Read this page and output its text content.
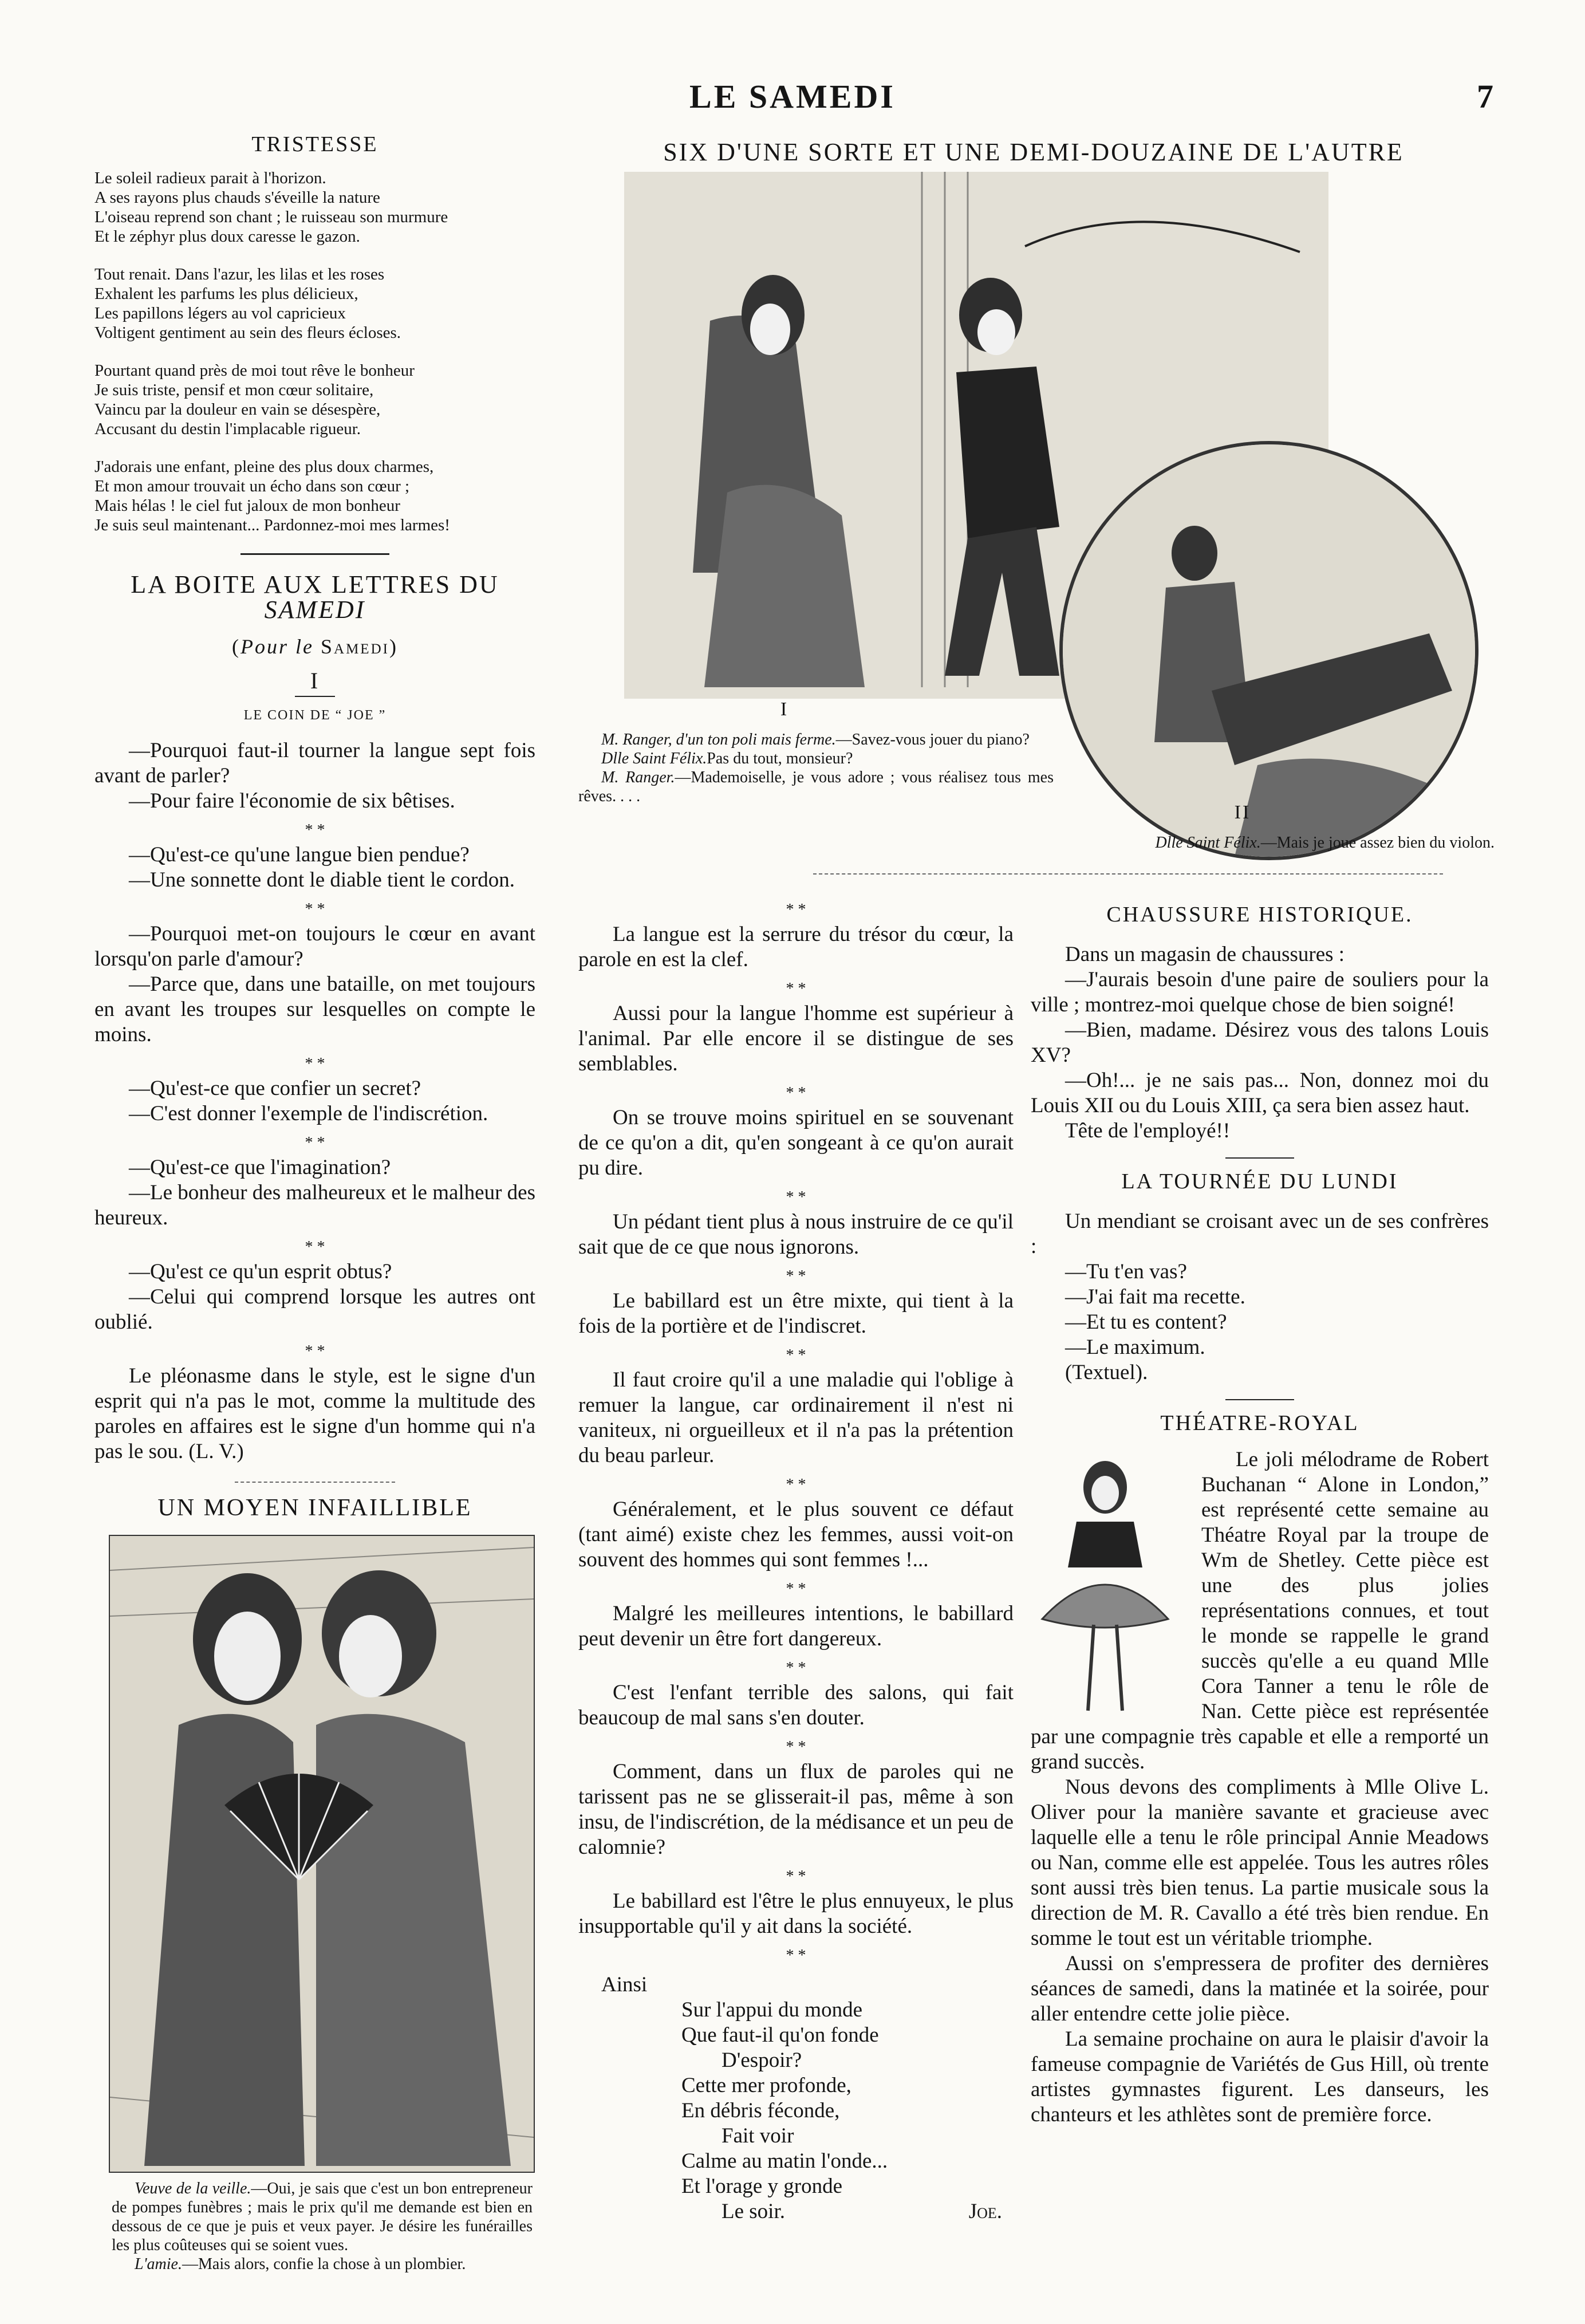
LE SAMEDI	7
TRISTESSE
Le soleil radieux parait à l'horizon.
A ses rayons plus chauds s'éveille la nature
L'oiseau reprend son chant ; le ruisseau son murmure
Et le zéphyr plus doux caresse le gazon.
Tout renait. Dans l'azur, les lilas et les roses
Exhalent les parfums les plus délicieux,
Les papillons légers au vol capricieux
Voltigent gentiment au sein des fleurs écloses.
Pourtant quand près de moi tout rêve le bonheur
Je suis triste, pensif et mon cœur solitaire,
Vaincu par la douleur en vain se désespère,
Accusant du destin l'implacable rigueur.
J'adorais une enfant, pleine des plus doux charmes,
Et mon amour trouvait un écho dans son cœur ;
Mais hélas ! le ciel fut jaloux de mon bonheur
Je suis seul maintenant... Pardonnez-moi mes larmes!
LA BOITE AUX LETTRES DU SAMEDI
(Pour le Samedi)
I
LE COIN DE “ JOE ”

—Pourquoi faut-il tourner la langue sept fois avant de parler?

—Pour faire l'économie de six bêtises.

* *

—Qu'est-ce qu'une langue bien pendue?

—Une sonnette dont le diable tient le cordon.

* *

—Pourquoi met-on toujours le cœur en avant lorsqu'on parle d'amour?

—Parce que, dans une bataille, on met toujours en avant les troupes sur lesquelles on compte le moins.

* *

—Qu'est-ce que confier un secret?

—C'est donner l'exemple de l'indiscrétion.

* *

—Qu'est-ce que l'imagination?

—Le bonheur des malheureux et le malheur des heureux.

* *

—Qu'est ce qu'un esprit obtus?

—Celui qui comprend lorsque les autres ont oublié.

* *

Le pléonasme dans le style, est le signe d'un esprit qui n'a pas le mot, comme la multitude des paroles en affaires est le signe d'un homme qui n'a pas le sou. (L. V.)

UN MOYEN INFAILLIBLE
Veuve de la veille.—Oui, je sais que c'est un bon entrepreneur de pompes funèbres ; mais le prix qu'il me demande est bien en dessous de ce que je puis et veux payer. Je désire les funérailles les plus coûteuses qui se soient vues.
L'amie.—Mais alors, confie la chose à un plombier.
SIX D'UNE SORTE ET UNE DEMI-DOUZAINE DE L'AUTRE
I
M. Ranger, d'un ton poli mais ferme.—Savez-vous jouer du piano?
Dlle Saint Félix.Pas du tout, monsieur?
M. Ranger.—Mademoiselle, je vous adore ; vous réalisez tous mes rêves. . . .
II
Dlle Saint Félix.—Mais je joue assez bien du violon.
* *

La langue est la serrure du trésor du cœur, la parole en est la clef.

* *

Aussi pour la langue l'homme est supérieur à l'animal. Par elle encore il se distingue de ses semblables.

* *

On se trouve moins spirituel en se souvenant de ce qu'on a dit, qu'en songeant à ce qu'on aurait pu dire.

* *

Un pédant tient plus à nous instruire de ce qu'il sait que de ce que nous ignorons.

* *

Le babillard est un être mixte, qui tient à la fois de la portière et de l'indiscret.

* *

Il faut croire qu'il a une maladie qui l'oblige à remuer la langue, car ordinairement il n'est ni vaniteux, ni orgueilleux et il n'a pas la prétention du beau parleur.

* *

Généralement, et le plus souvent ce défaut (tant aimé) existe chez les femmes, aussi voit-on souvent des hommes qui sont femmes !...

* *

Malgré les meilleures intentions, le babillard peut devenir un être fort dangereux.

* *

C'est l'enfant terrible des salons, qui fait beaucoup de mal sans s'en douter.

* *

Comment, dans un flux de paroles qui ne tarissent pas ne se glisserait-il pas, même à son insu, de l'indiscrétion, de la médisance et un peu de calomnie?

* *

Le babillard est l'être le plus ennuyeux, le plus insupportable qu'il y ait dans la société.

* *
Ainsi
Sur l'appui du monde
Que faut-il qu'on fonde
D'espoir?
Cette mer profonde,
En débris féconde,
Fait voir
Calme au matin l'onde...
Et l'orage y gronde
Le soir.	Joe.
CHAUSSURE HISTORIQUE.

Dans un magasin de chaussures :

—J'aurais besoin d'une paire de souliers pour la ville ; montrez-moi quelque chose de bien soigné!

—Bien, madame. Désirez vous des talons Louis XV?

—Oh!... je ne sais pas... Non, donnez moi du Louis XII ou du Louis XIII, ça sera bien assez haut.

Tête de l'employé!!

LA TOURNÉE DU LUNDI

Un mendiant se croisant avec un de ses confrères :

—Tu t'en vas?

—J'ai fait ma recette.

—Et tu es content?

—Le maximum.

(Textuel).

THÉATRE-ROYAL

Le joli mélodrame de Robert Buchanan “ Alone in London,” est représenté cette semaine au Théatre Royal par la troupe de Wm de Shetley. Cette pièce est une des plus jolies représentations connues, et tout le monde se rappelle le grand succès qu'elle a eu quand Mlle Cora Tanner a tenu le rôle de Nan. Cette pièce est représentée par une compagnie très capable et elle a remporté un grand succès.

Nous devons des compliments à Mlle Olive L. Oliver pour la manière savante et gracieuse avec laquelle elle a tenu le rôle principal Annie Meadows ou Nan, comme elle est appelée. Tous les autres rôles sont aussi très bien tenus. La partie musicale sous la direction de M. R. Cavallo a été très bien rendue. En somme le tout est un véritable triomphe.

Aussi on s'empressera de profiter des dernières séances de samedi, dans la matinée et la soirée, pour aller entendre cette jolie pièce.

La semaine prochaine on aura le plaisir d'avoir la fameuse compagnie de Variétés de Gus Hill, où trente artistes gymnastes figurent. Les danseurs, les chanteurs et les athlètes sont de première force.
